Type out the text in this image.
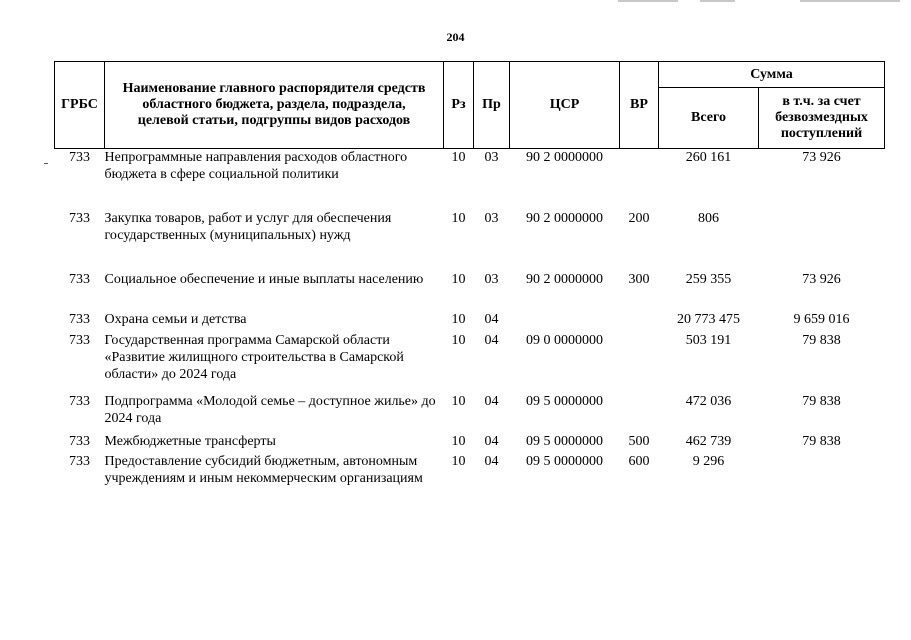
204
ГРБС	Наименование главного распорядителя средств областного бюджета, раздела, подраздела, целевой статьи, подгруппы видов расходов	Рз	Пр	ЦСР	ВР	Сумма	
						Всего	в т.ч. за счет безвозмездных поступлений
733	Непрограммные направления расходов областного бюджета в сфере социальной политики	10	03	90 2 0000000		260 161	73 926
733	Закупка товаров, работ и услуг для обеспечения государственных (муниципальных) нужд	10	03	90 2 0000000	200	806	
733	Социальное обеспечение и иные выплаты населению	10	03	90 2 0000000	300	259 355	73 926
733	Охрана семьи и детства	10	04			20 773 475	9 659 016
733	Государственная программа Самарской области «Развитие жилищного строительства в Самарской области» до 2024 года	10	04	09 0 0000000		503 191	79 838
733	Подпрограмма «Молодой семье – доступное жилье» до 2024 года	10	04	09 5 0000000		472 036	79 838
733	Межбюджетные трансферты	10	04	09 5 0000000	500	462 739	79 838
733	Предоставление субсидий бюджетным, автономным учреждениям и иным некоммерческим организациям	10	04	09 5 0000000	600	9 296	
